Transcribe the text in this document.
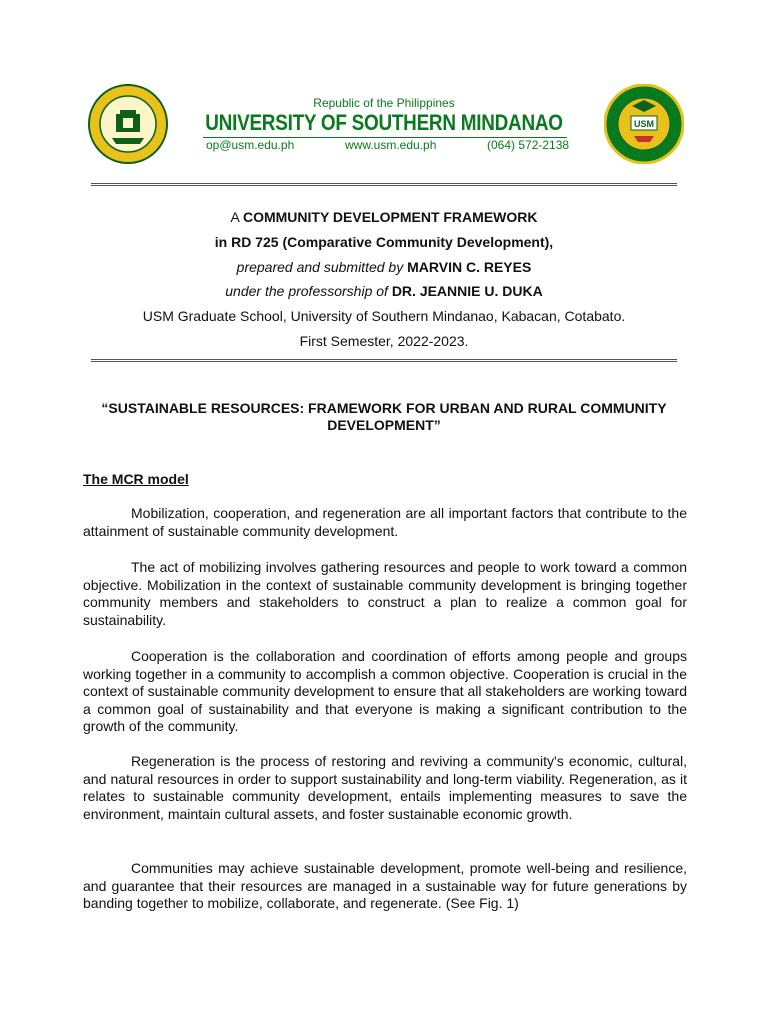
USM
Republic of the Philippines
UNIVERSITY OF SOUTHERN MINDANAO
op@usm.edu.ph	www.usm.edu.ph	(064) 572-2138
A COMMUNITY DEVELOPMENT FRAMEWORK
in RD 725 (Comparative Community Development),
prepared and submitted by MARVIN C. REYES
under the professorship of DR. JEANNIE U. DUKA
USM Graduate School, University of Southern Mindanao, Kabacan, Cotabato.
First Semester, 2022-2023.
“SUSTAINABLE RESOURCES: FRAMEWORK FOR URBAN AND RURAL COMMUNITY DEVELOPMENT”
The MCR model

Mobilization, cooperation, and regeneration are all important factors that contribute to the attainment of sustainable community development.

The act of mobilizing involves gathering resources and people to work toward a common objective. Mobilization in the context of sustainable community development is bringing together community members and stakeholders to construct a plan to realize a common goal for sustainability.

Cooperation is the collaboration and coordination of efforts among people and groups working together in a community to accomplish a common objective. Cooperation is crucial in the context of sustainable community development to ensure that all stakeholders are working toward a common goal of sustainability and that everyone is making a significant contribution to the growth of the community.

Regeneration is the process of restoring and reviving a community's economic, cultural, and natural resources in order to support sustainability and long-term viability. Regeneration, as it relates to sustainable community development, entails implementing measures to save the environment, maintain cultural assets, and foster sustainable economic growth.

Communities may achieve sustainable development, promote well-being and resilience, and guarantee that their resources are managed in a sustainable way for future generations by banding together to mobilize, collaborate, and regenerate. (See Fig. 1)
